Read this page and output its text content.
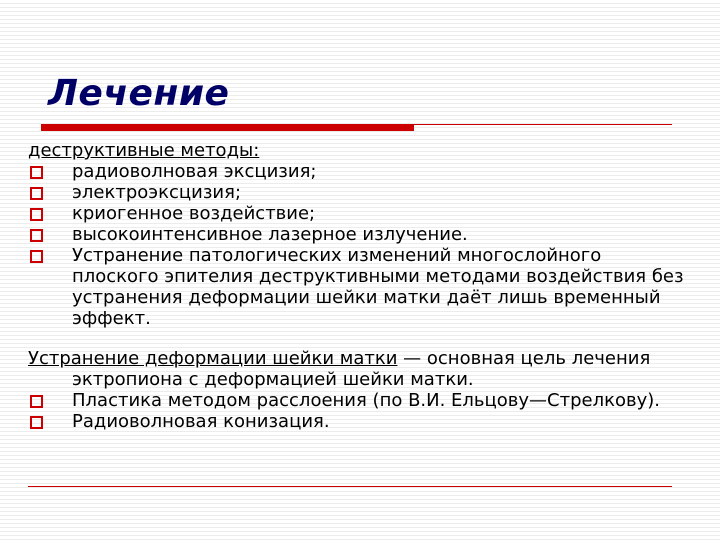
Лечение
деструктивные методы:
радиоволновая эксцизия;
электроэксцизия;
криогенное воздействие;
высокоинтенсивное лазерное излучение.
Устранение патологических изменений многослойного плоского эпителия деструктивными методами воздействия без устранения деформации шейки матки даёт лишь временный эффект.
Устранение деформации шейки матки — основная цель лечения эктропиона с деформацией шейки матки.
Пластика методом расслоения (по В.И. Ельцову—Стрелкову).
Радиоволновая конизация.
